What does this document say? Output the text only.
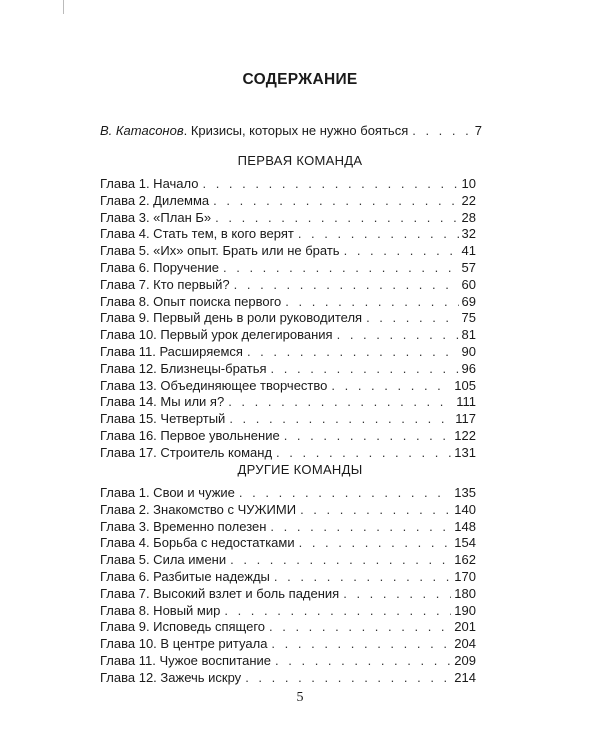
СОДЕРЖАНИЕ
В. Катасонов. Кризисы, которых не нужно бояться . . .	7
ПЕРВАЯ КОМАНДА
Глава 1. Начало . . .	10
Глава 2. Дилемма . . .	22
Глава 3. «План Б» . . .	28
Глава 4. Стать тем, в кого верят . . .	32
Глава 5. «Их» опыт. Брать или не брать . . .	41
Глава 6. Поручение . . .	57
Глава 7. Кто первый? . . .	60
Глава 8. Опыт поиска первого . . .	69
Глава 9. Первый день в роли руководителя . . .	75
Глава 10. Первый урок делегирования . . .	81
Глава 11. Расширяемся . . .	90
Глава 12. Близнецы-братья . . .	96
Глава 13. Объединяющее творчество . . .	105
Глава 14. Мы или я? . . .	111
Глава 15. Четвертый . . .	117
Глава 16. Первое увольнение . . .	122
Глава 17. Строитель команд . . .	131
ДРУГИЕ КОМАНДЫ
Глава 1. Свои и чужие . . .	135
Глава 2. Знакомство с ЧУЖИМИ . . .	140
Глава 3. Временно полезен . . .	148
Глава 4. Борьба с недостатками . . .	154
Глава 5. Сила имени . . .	162
Глава 6. Разбитые надежды . . .	170
Глава 7. Высокий взлет и боль падения . . .	180
Глава 8. Новый мир . . .	190
Глава 9. Исповедь спящего . . .	201
Глава 10. В центре ритуала . . .	204
Глава 11. Чужое воспитание . . .	209
Глава 12. Зажечь искру . . .	214
5
